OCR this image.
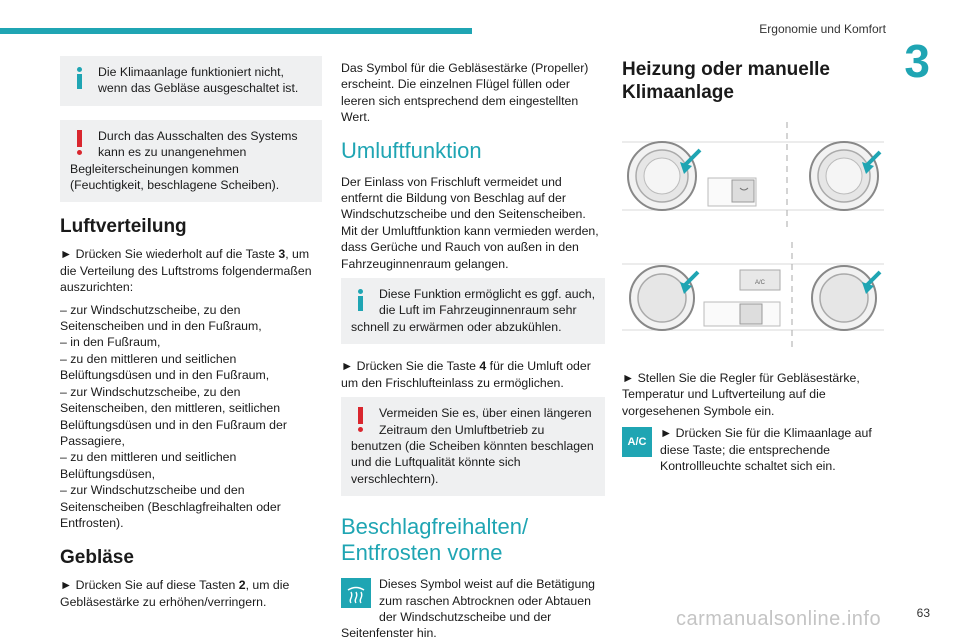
Ergonomie und Komfort
3
Die Klimaanlage funktioniert nicht, wenn das Gebläse ausgeschaltet ist.
Durch das Ausschalten des Systems kann es zu unangenehmen Begleiterscheinungen kommen (Feuchtigkeit, beschlagene Scheiben).
Luftverteilung

► Drücken Sie wiederholt auf die Taste 3, um die Verteilung des Luftstroms folgendermaßen auszurichten:

– zur Windschutzscheibe, zu den Seitenscheiben und in den Fußraum,
– in den Fußraum,
– zu den mittleren und seitlichen Belüftungsdüsen und in den Fußraum,
– zur Windschutzscheibe, zu den Seitenscheiben, den mittleren, seitlichen Belüftungsdüsen und in den Fußraum der Passagiere,
– zu den mittleren und seitlichen Belüftungsdüsen,
– zur Windschutzscheibe und den Seitenscheiben (Beschlagfreihalten oder Entfrosten).
Gebläse

► Drücken Sie auf diese Tasten 2, um die Gebläsestärke zu erhöhen/verringern.

Das Symbol für die Gebläsestärke (Propeller) erscheint. Die einzelnen Flügel füllen oder leeren sich entsprechend dem eingestellten Wert.

Umluftfunktion

Der Einlass von Frischluft vermeidet und entfernt die Bildung von Beschlag auf der Windschutzscheibe und den Seitenscheiben. Mit der Umluftfunktion kann vermieden werden, dass Gerüche und Rauch von außen in den Fahrzeuginnenraum gelangen.

Diese Funktion ermöglicht es ggf. auch, die Luft im Fahrzeuginnenraum sehr schnell zu erwärmen oder abzukühlen.

► Drücken Sie die Taste 4 für die Umluft oder um den Frischlufteinlass zu ermöglichen.

Vermeiden Sie es, über einen längeren Zeitraum den Umluftbetrieb zu benutzen (die Scheiben könnten beschlagen und die Luftqualität könnte sich verschlechtern).
Beschlagfreihalten/ Entfrosten vorne
Dieses Symbol weist auf die Betätigung zum raschen Abtrocknen oder Abtauen der Windschutzscheibe und der Seitenfenster hin.
Heizung oder manuelle Klimaanlage
A/C

► Stellen Sie die Regler für Gebläsestärke, Temperatur und Luftverteilung auf die vorgesehenen Symbole ein.

A/C
► Drücken Sie für die Klimaanlage auf diese Taste; die entsprechende Kontrollleuchte schaltet sich ein.
63
carmanualsonline.info
